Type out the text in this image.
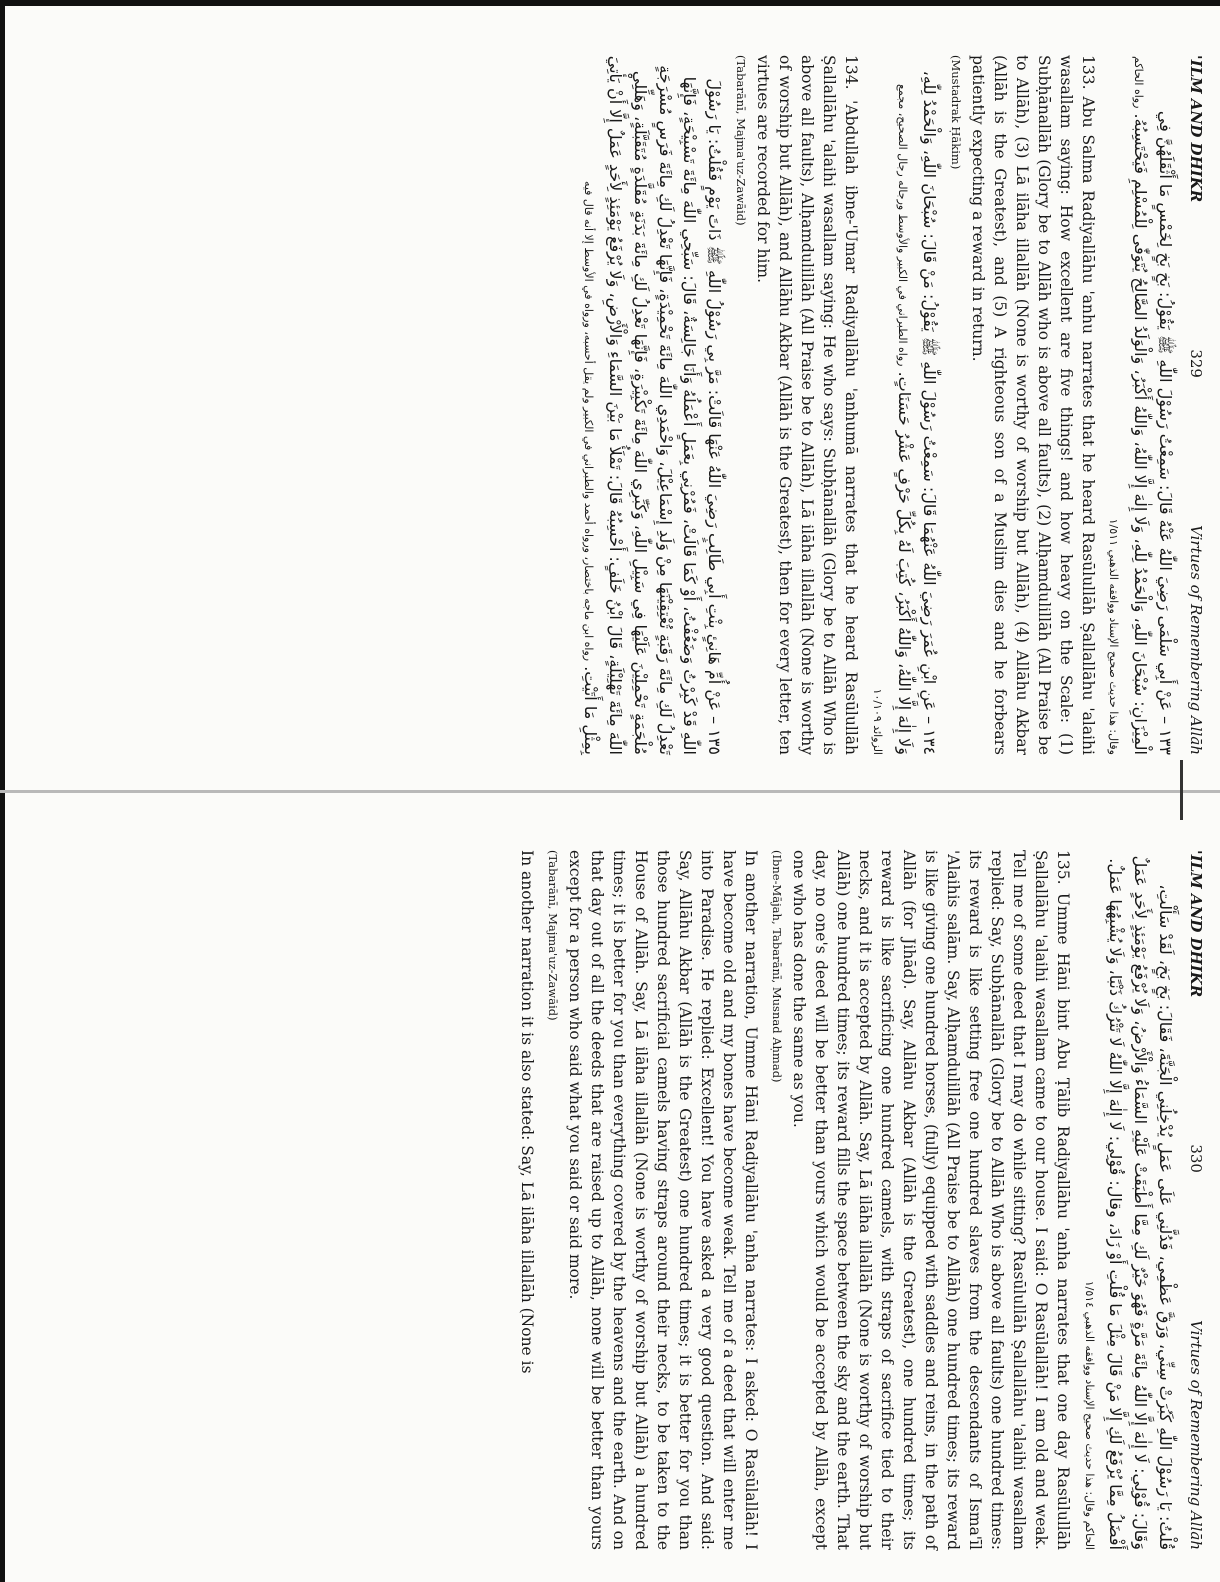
'ILM AND DHIKR
329
Virtues of Remembering Allāh

١٣٣ – عَنْ أَبِي سَلْمَى رَضِيَ اللّٰهُ عَنْهُ قَالَ: سَمِعْتُ رَسُوْلَ اللّٰهِ ﷺ يَقُوْلُ: بَخٍ بَخٍ لِخَمْسٍ مَا أَثْقَلَهُنَّ فِي الْمِيْزَانِ: سُبْحَانَ اللّٰهِ، وَالْحَمْدُ لِلّٰهِ، وَلَا إِلٰهَ إِلَّا اللّٰهُ، وَاللّٰهُ أَكْبَرُ، وَالْوَلَدُ الصَّالِحُ يُتَوَفّٰى لِلْمُسْلِمِ فَيَحْتَسِبُهُ. رواه الحاكم وقال: هذا حديث صحيح الإسناد ووافقه الذهبي ١/٥١١

133. Abu Salma Radiyallāhu 'anhu narrates that he heard Rasūlullāh Ṣallallāhu 'alaihi wasallam saying: How excellent are five things! and how heavy on the Scale: (1) Subḥānallāh (Glory be to Allāh who is above all faults), (2) Alḥamdulillāh (All Praise be to Allāh), (3) Lā ilāha illallāh (None is worthy of worship but Allāh), (4) Allāhu Akbar (Allāh is the Greatest), and (5) A righteous son of a Muslim dies and he forbears patiently expecting a reward in return.

(Mustadrak Ḥākim)

١٣٤ – عَنِ ابْنِ عُمَرَ رَضِيَ اللّٰهُ عَنْهُمَا قَالَ: سَمِعْتُ رَسُوْلَ اللّٰهِ ﷺ يَقُوْلُ: مَنْ قَالَ: سُبْحَانَ اللّٰهِ، وَالْحَمْدُ لِلّٰهِ، وَلَا إِلٰهَ إِلَّا اللّٰهُ، وَاللّٰهُ أَكْبَرُ، كُتِبَ لَهُ بِكُلِّ حَرْفٍ عَشْرُ حَسَنَاتٍ. رواه الطبراني في الكبير والأوسط ورجاله رجال الصحيح، مجمع الزوائد ١٠/١٠٩

134. 'Abdullah ibne-'Umar Radiyallāhu 'anhumā narrates that he heard Rasūlullāh Ṣallallāhu 'alaihi wasallam saying: He who says: Subḥānallāh (Glory be to Allāh Who is above all faults), Alḥamdulillāh (All Praise be to Allāh), Lā ilāha illallāh (None is worthy of worship but Allāh), and Allāhu Akbar (Allāh is the Greatest), then for every letter, ten virtues are recorded for him.

(Tabarānī, Majma'uz-Zawāid)

١٣٥ – عَنْ أُمِّ هَانِئٍ بِنْتِ أَبِي طَالِبٍ رَضِيَ اللّٰهُ عَنْهَا قَالَتْ: مَرَّ بِي رَسُوْلُ اللّٰهِ ﷺ ذَاتَ يَوْمٍ فَقُلْتُ: يَا رَسُوْلَ اللّٰهِ قَدْ كَبِرْتُ وَضَعُفْتُ، أَوْ كَمَا قَالَتْ، فَمُرْنِي بِعَمَلٍ أَعْمَلُهُ وَأَنَا جَالِسَةٌ، قَالَ: سَبِّحِي اللّٰهَ مِائَةَ تَسْبِيْحَةٍ، فَإِنَّهَا تَعْدِلُ لَكِ مِائَةَ رَقَبَةٍ تُعْتِقِيْنَهَا مِنْ وَلَدِ إِسْمَاعِيْلَ، وَاحْمَدِي اللّٰهَ مِائَةَ تَحْمِيْدَةٍ، فَإِنَّهَا تَعْدِلُ لَكِ مِائَةَ فَرَسٍ مُسْرَجَةٍ مُلْجَمَةٍ تَحْمِلِيْنَ عَلَيْهَا فِي سَبِيْلِ اللّٰهِ، وَكَبِّرِي اللّٰهَ مِائَةَ تَكْبِيْرَةٍ، فَإِنَّهَا تَعْدِلُ لَكِ مِائَةَ بَدَنَةٍ مُقَلَّدَةٍ مُتَقَبَّلَةٍ، وَهَلِّلِي اللّٰهَ مِائَةَ تَهْلِيْلَةٍ، قَالَ ابْنُ خَلَفٍ: أَحْسِبُهُ قَالَ: تَمْلَأُ مَا بَيْنَ السَّمَاءِ وَالْأَرْضِ، وَلَا يُرْفَعُ يَوْمَئِذٍ لِأَحَدٍ عَمَلٌ إِلَّا أَنْ يَأْتِيَ بِمِثْلِ مَا أَتَيْتِ. رواه ابن ماجه باختصار، ورواه أحمد والطبراني في الكبير ولم يقل أحسبه، ورواه في الأوسط إلا أنه قال فيه

'ILM AND DHIKR
330
Virtues of Remembering Allāh

قُلْتُ: يَا رَسُوْلَ اللّٰهِ كَبُرَتْ سِنِّي، وَرَقَّ عَظْمِي، فَدُلَّنِي عَلَى عَمَلٍ يُدْخِلُنِي الْجَنَّةَ، فَقَالَ: بَخٍ بَخٍ، لَقَدْ سَأَلْتِ، وَقَالَ: قُوْلِي: لَا إِلٰهَ إِلَّا اللّٰهُ مِائَةَ مَرَّةٍ فَهُوَ خَيْرٌ لَكِ مِمَّا أَطْبَقَتْ عَلَيْهِ السَّمَاءُ وَالْأَرْضُ، وَلَا يُرْفَعُ يَوْمَئِذٍ لِأَحَدٍ عَمَلٌ أَفْضَلُ مِمَّا يُرْفَعُ لَكِ إِلَّا مَنْ قَالَ مِثْلَ مَا قُلْتِ أَوْ زَادَ، وقال: قُوْلِي: لَا إِلٰهَ إِلَّا اللّٰهُ لَا تَتْرُكُ ذَنْبًا، وَلَا يُشْبِهُهَا عَمَلٌ. الحاكم وقال: هذا حديث صحيح الإسناد ووافقه الذهبي ١/٥١٤

135. Umme Hāni bint Abu Ṭālib Radiyallāhu 'anha narrates that one day Rasūlullāh Ṣallallāhu 'alaihi wasallam came to our house. I said: O Rasūlallāh! I am old and weak. Tell me of some deed that I may do while sitting? Rasūlullāh Ṣallallāhu 'alaihi wasallam replied: Say, Subḥānallāh (Glory be to Allāh Who is above all faults) one hundred times: its reward is like setting free one hundred slaves from the descendants of Isma'īl 'Alaihis salām. Say, Alḥamdulillāh (All Praise be to Allāh) one hundred times; its reward is like giving one hundred horses, (fully) equipped with saddles and reins, in the path of Allāh (for Jihād). Say, Allāhu Akbar (Allāh is the Greatest), one hundred times; its reward is like sacrificing one hundred camels, with straps of sacrifice tied to their necks, and it is accepted by Allāh. Say, Lā ilāha illallāh (None is worthy of worship but Allāh) one hundred times; its reward fills the space between the sky and the earth. That day, no one's deed will be better than yours which would be accepted by Allāh, except one who has done the same as you.

(Ibne-Mājah, Tabarānī, Musnad Aḥmad)

In another narration, Umme Hāni Radiyallāhu 'anha narrates: I asked: O Rasūlallāh! I have become old and my bones have become weak. Tell me of a deed that will enter me into Paradise. He replied: Excellent! You have asked a very good question. And said: Say, Allāhu Akbar (Allāh is the Greatest) one hundred times; it is better for you than those hundred sacrificial camels having straps around their necks, to be taken to the House of Allāh. Say, Lā ilāha illallāh (None is worthy of worship but Allāh) a hundred times; it is better for you than everything covered by the heavens and the earth. And on that day out of all the deeds that are raised up to Allāh, none will be better than yours except for a person who said what you said or said more.

(Tabarānī, Majma'uz-Zawāid)

In another narration it is also stated: Say, Lā ilāha illallāh (None is
